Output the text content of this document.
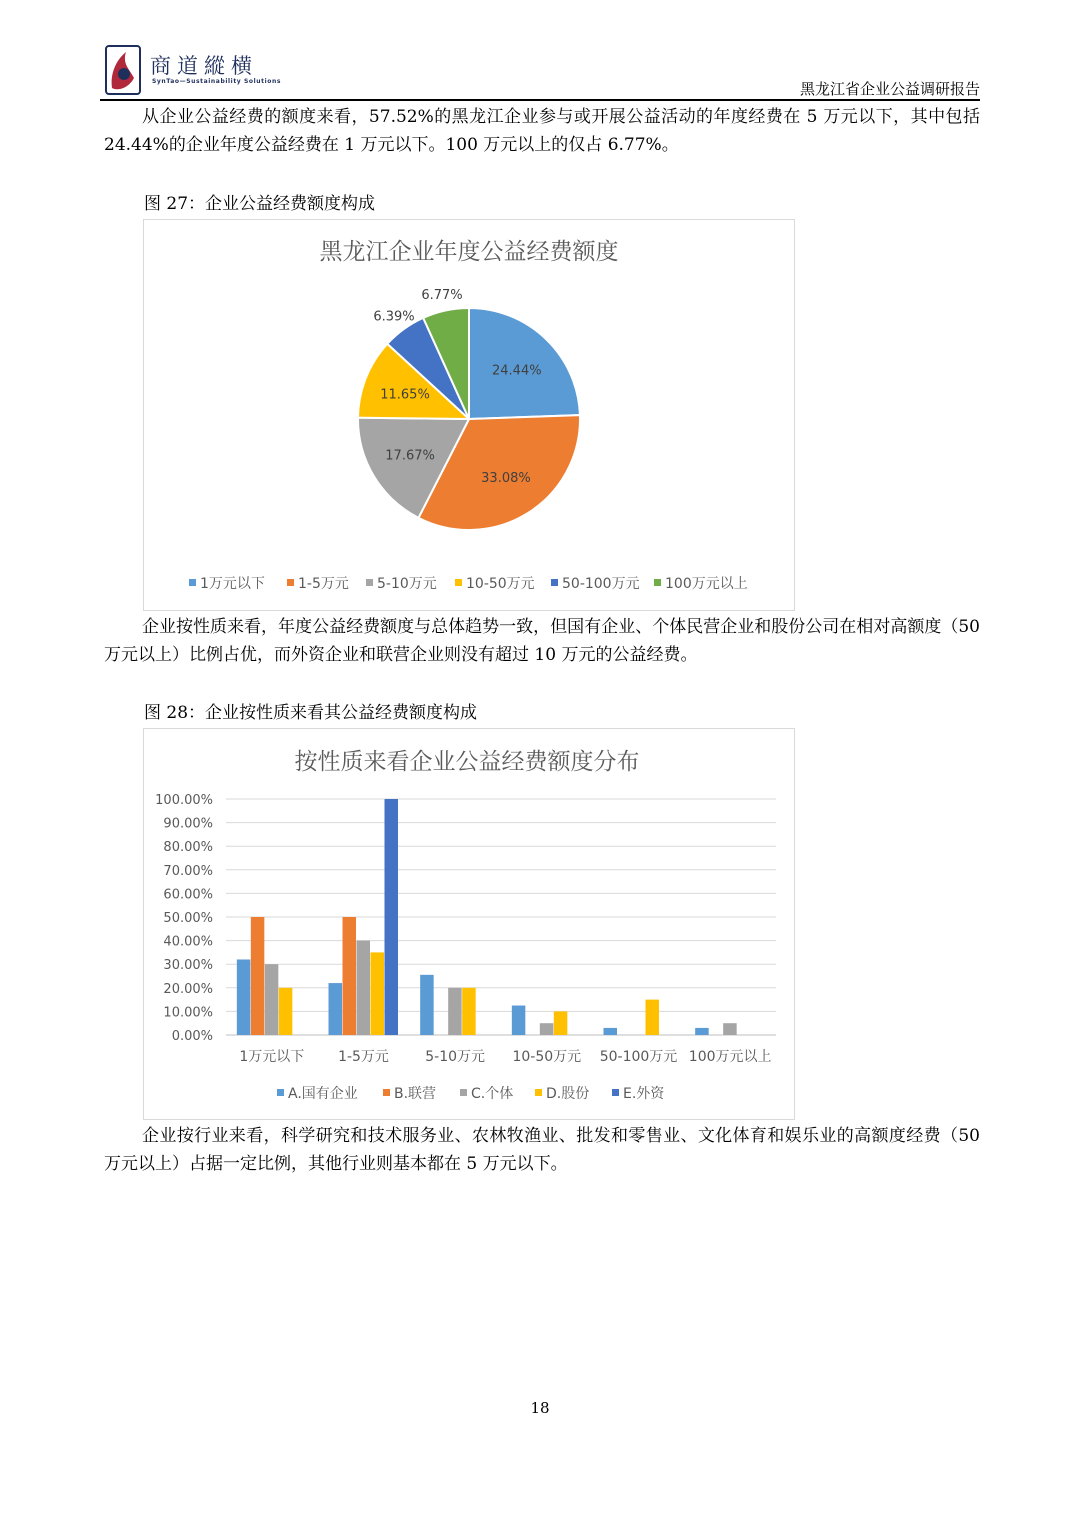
商道縱横
SynTao—Sustainability Solutions	黑龙江省企业公益调研报告

从企业公益经费的额度来看，57.52%的黑龙江企业参与或开展公益活动的年度经费在 5 万元以下，其中包括 24.44%的企业年度公益经费在 1 万元以下。100 万元以上的仅占 6.77%。

图 27：企业公益经费额度构成

黑龙江企业年度公益经费额度
24.44%
33.08%
17.67%
11.65%
6.39%
6.77%
1万元以下 1-5万元 5-10万元 10-50万元 50-100万元 100万元以上

企业按性质来看，年度公益经费额度与总体趋势一致，但国有企业、个体民营企业和股份公司在相对高额度（50 万元以上）比例占优，而外资企业和联营企业则没有超过 10 万元的公益经费。

图 28：企业按性质来看其公益经费额度构成

按性质来看企业公益经费额度分布
0.00%
10.00%
20.00%
30.00%
40.00%
50.00%
60.00%
70.00%
80.00%
90.00%
100.00%
1万元以下 1-5万元	5-10万元 10-50万元 50-100万元 100万元以上
A.国有企业	B.联营 C.个体 D.股份 E.外资

企业按行业来看，科学研究和技术服务业、农林牧渔业、批发和零售业、文化体育和娱乐业的高额度经费（50 万元以上）占据一定比例，其他行业则基本都在 5 万元以下。

18
